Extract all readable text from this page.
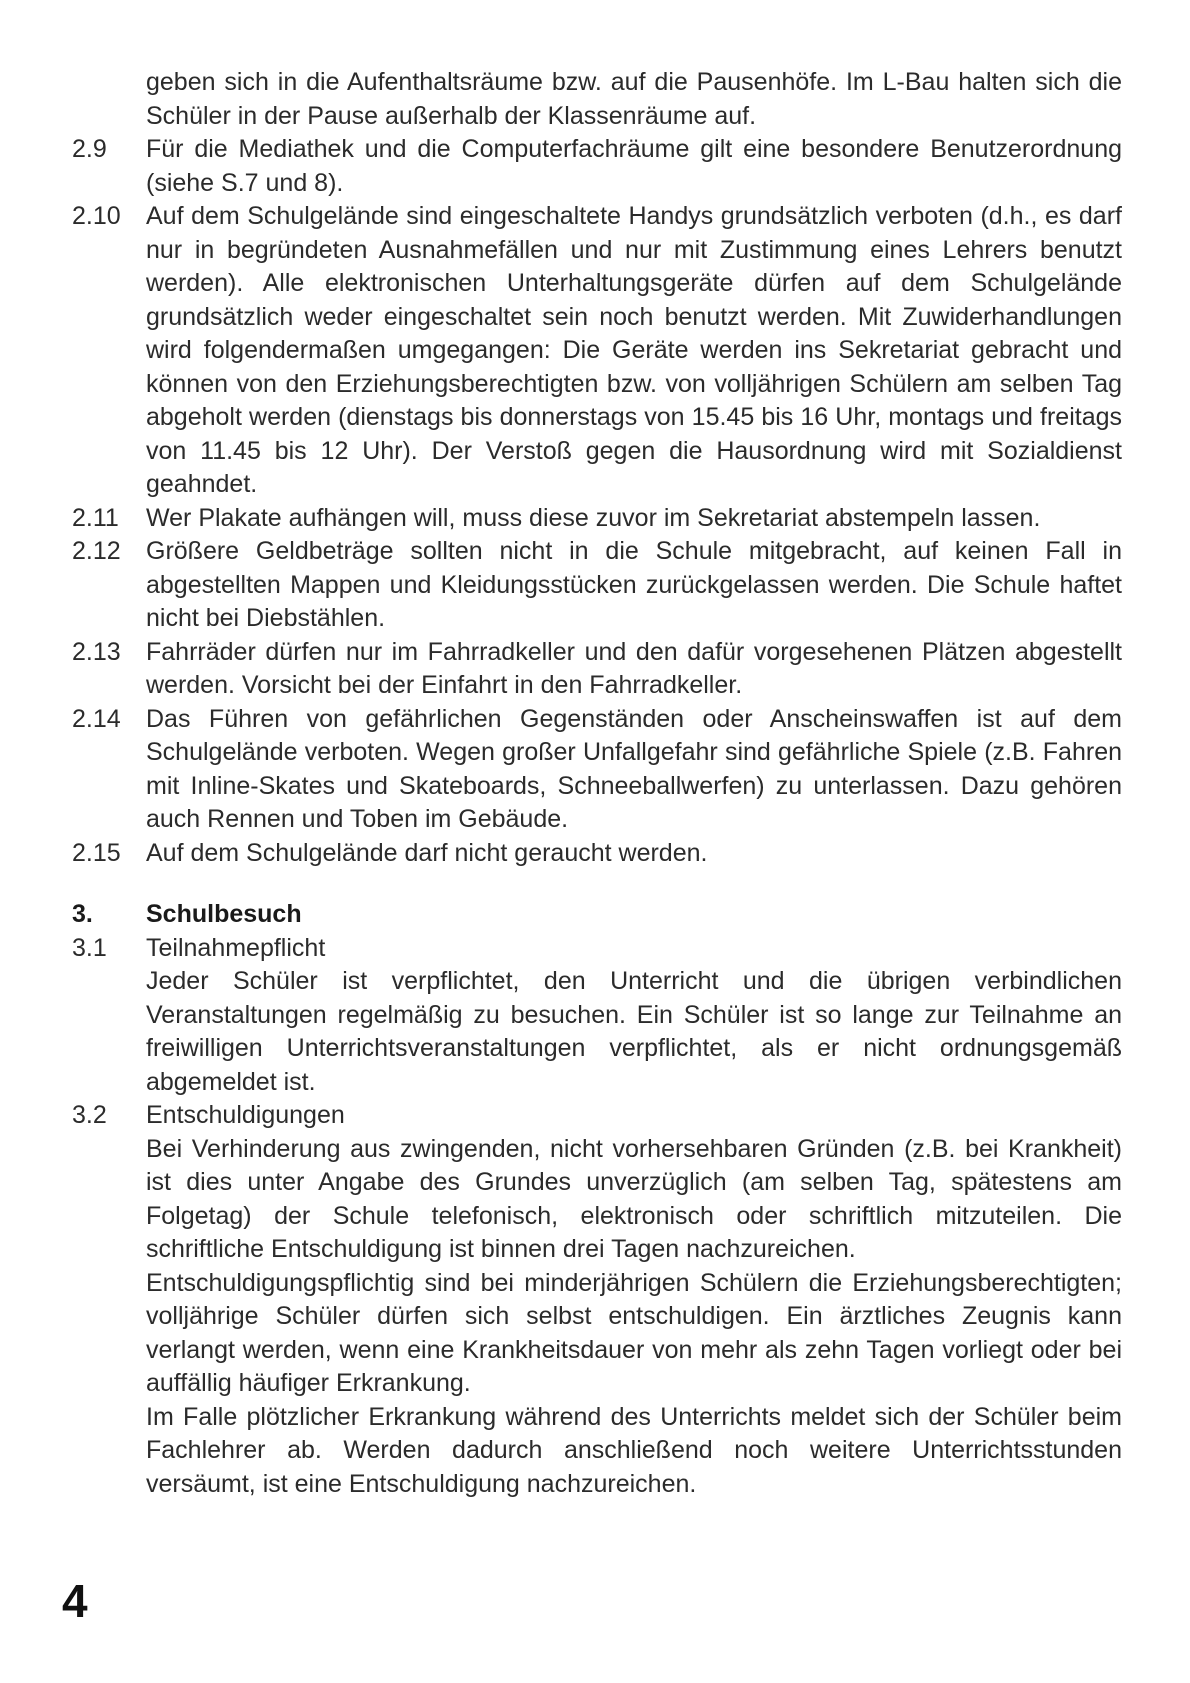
geben sich in die Aufenthaltsräume bzw. auf die Pausenhöfe. Im L-Bau halten sich die Schüler in der Pause außerhalb der Klassenräume auf.

2.9	Für die Mediathek und die Computerfachräume gilt eine besondere Benutzerordnung (siehe S.7 und 8).

2.10	Auf dem Schulgelände sind eingeschaltete Handys grundsätzlich verboten (d.h., es darf nur in begründeten Ausnahmefällen und nur mit Zustimmung eines Lehrers benutzt werden). Alle elektronischen Unterhaltungsgeräte dürfen auf dem Schulgelände grundsätzlich weder eingeschaltet sein noch benutzt werden. Mit Zuwiderhandlungen wird folgendermaßen umgegangen: Die Geräte werden ins Sekretariat gebracht und können von den Erziehungsberechtigten bzw. von volljährigen Schülern am selben Tag abgeholt werden (dienstags bis donnerstags von 15.45 bis 16 Uhr, montags und freitags von 11.45 bis 12 Uhr). Der Verstoß gegen die Hausordnung wird mit Sozialdienst geahndet.

2.11	Wer Plakate aufhängen will, muss diese zuvor im Sekretariat abstempeln lassen.

2.12	Größere Geldbeträge sollten nicht in die Schule mitgebracht, auf keinen Fall in abgestellten Mappen und Kleidungsstücken zurückgelassen werden. Die Schule haftet nicht bei Diebstählen.

2.13	Fahrräder dürfen nur im Fahrradkeller und den dafür vorgesehenen Plätzen abgestellt werden. Vorsicht bei der Einfahrt in den Fahrradkeller.

2.14	Das Führen von gefährlichen Gegenständen oder Anscheinswaffen ist auf dem Schulgelände verboten. Wegen großer Unfallgefahr sind gefährliche Spiele (z.B. Fahren mit Inline-Skates und Skateboards, Schneeballwerfen) zu unterlassen. Dazu gehören auch Rennen und Toben im Gebäude.

2.15	Auf dem Schulgelände darf nicht geraucht werden.

3.	Schulbesuch
3.1	Teilnahmepflicht

Jeder Schüler ist verpflichtet, den Unterricht und die übrigen verbindlichen Veranstaltungen regelmäßig zu besuchen. Ein Schüler ist so lange zur Teilnahme an freiwilligen Unterrichtsveranstaltungen verpflichtet, als er nicht ordnungsgemäß abgemeldet ist.

3.2	Entschuldigungen

Bei Verhinderung aus zwingenden, nicht vorhersehbaren Gründen (z.B. bei Krankheit) ist dies unter Angabe des Grundes unverzüglich (am selben Tag, spätestens am Folgetag) der Schule telefonisch, elektronisch oder schriftlich mitzuteilen. Die schriftliche Entschuldigung ist binnen drei Tagen nachzureichen.

Entschuldigungspflichtig sind bei minderjährigen Schülern die Erziehungsberechtigten; volljährige Schüler dürfen sich selbst entschuldigen. Ein ärztliches Zeugnis kann verlangt werden, wenn eine Krankheitsdauer von mehr als zehn Tagen vorliegt oder bei auffällig häufiger Erkrankung.

Im Falle plötzlicher Erkrankung während des Unterrichts meldet sich der Schüler beim Fachlehrer ab. Werden dadurch anschließend noch weitere Unterrichtsstunden versäumt, ist eine Entschuldigung nachzureichen.

4
